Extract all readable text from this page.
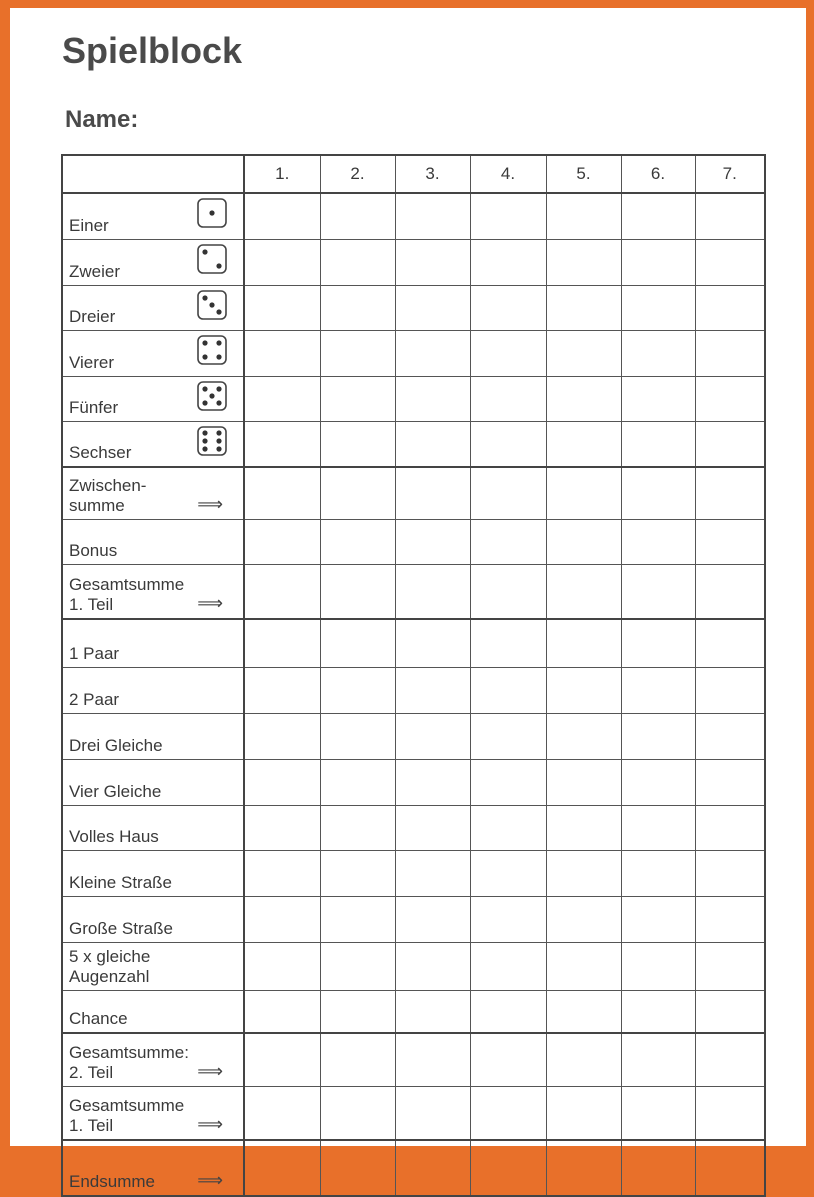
Spielblock
Name:
	1.	2.	3.	4.	5.	6.	7.

Einer							

Zweier							

Dreier							

Vierer							

Fünfer							

Sechser							

Zwischen-
summe ⟹							

Bonus							

Gesamtsumme
1. Teil ⟹							

1 Paar							

2 Paar							

Drei Gleiche							

Vier Gleiche							

Volles Haus							

Kleine Straße							

Große Straße							

5 x gleiche
Augenzahl							

Chance							

Gesamtsumme:
2. Teil ⟹							

Gesamtsumme
1. Teil ⟹							

Endsumme ⟹							
